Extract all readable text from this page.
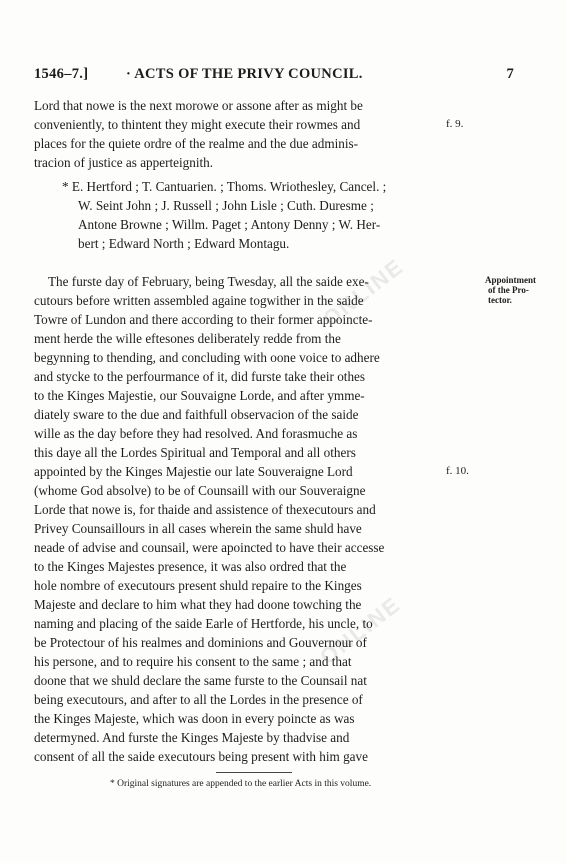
ONLINE
ONLINE
1546–7.]	· ACTS OF THE PRIVY COUNCIL.	7
Lord that nowe is the next morowe or assone after as might be
conveniently, to thintent they might execute their rowmes and	f. 9.
places for the quiete ordre of the realme and the due adminis-
tracion of justice as apperteignith.
* E. Hertford ; T. Cantuarien. ; Thoms. Wriothesley, Cancel. ;
W. Seint John ; J. Russell ; John Lisle ; Cuth. Duresme ;
Antone Browne ; Willm. Paget ; Antony Denny ; W. Her-
bert ; Edward North ; Edward Montagu.
Appointment
of the Pro-
tector.
The furste day of February, being Twesday, all the saide exe-
cutours before written assembled againe togwither in the saide
Towre of Lundon and there according to their former appoincte-
ment herde the wille eftesones deliberately redde from the
begynning to thending, and concluding with oone voice to adhere
and stycke to the perfourmance of it, did furste take their othes
to the Kinges Majestie, our Souvaigne Lorde, and after ymme-
diately sware to the due and faithfull observacion of the saide
wille as the day before they had resolved. And forasmuche as
this daye all the Lordes Spiritual and Temporal and all others
appointed by the Kinges Majestie our late Souveraigne Lord	f. 10.
(whome God absolve) to be of Counsaill with our Souveraigne
Lorde that nowe is, for thaide and assistence of thexecutours and
Privey Counsaillours in all cases wherein the same shuld have
neade of advise and counsail, were apoincted to have their accesse
to the Kinges Majestes presence, it was also ordred that the
hole nombre of executours present shuld repaire to the Kinges
Majeste and declare to him what they had doone towching the
naming and placing of the saide Earle of Hertforde, his uncle, to
be Protectour of his realmes and dominions and Gouvernour of
his persone, and to require his consent to the same ; and that
doone that we shuld declare the same furste to the Counsail nat
being executours, and after to all the Lordes in the presence of
the Kinges Majeste, which was doon in every poincte as was
determyned. And furste the Kinges Majeste by thadvise and
consent of all the saide executours being present with him gave
* Original signatures are appended to the earlier Acts in this volume.
